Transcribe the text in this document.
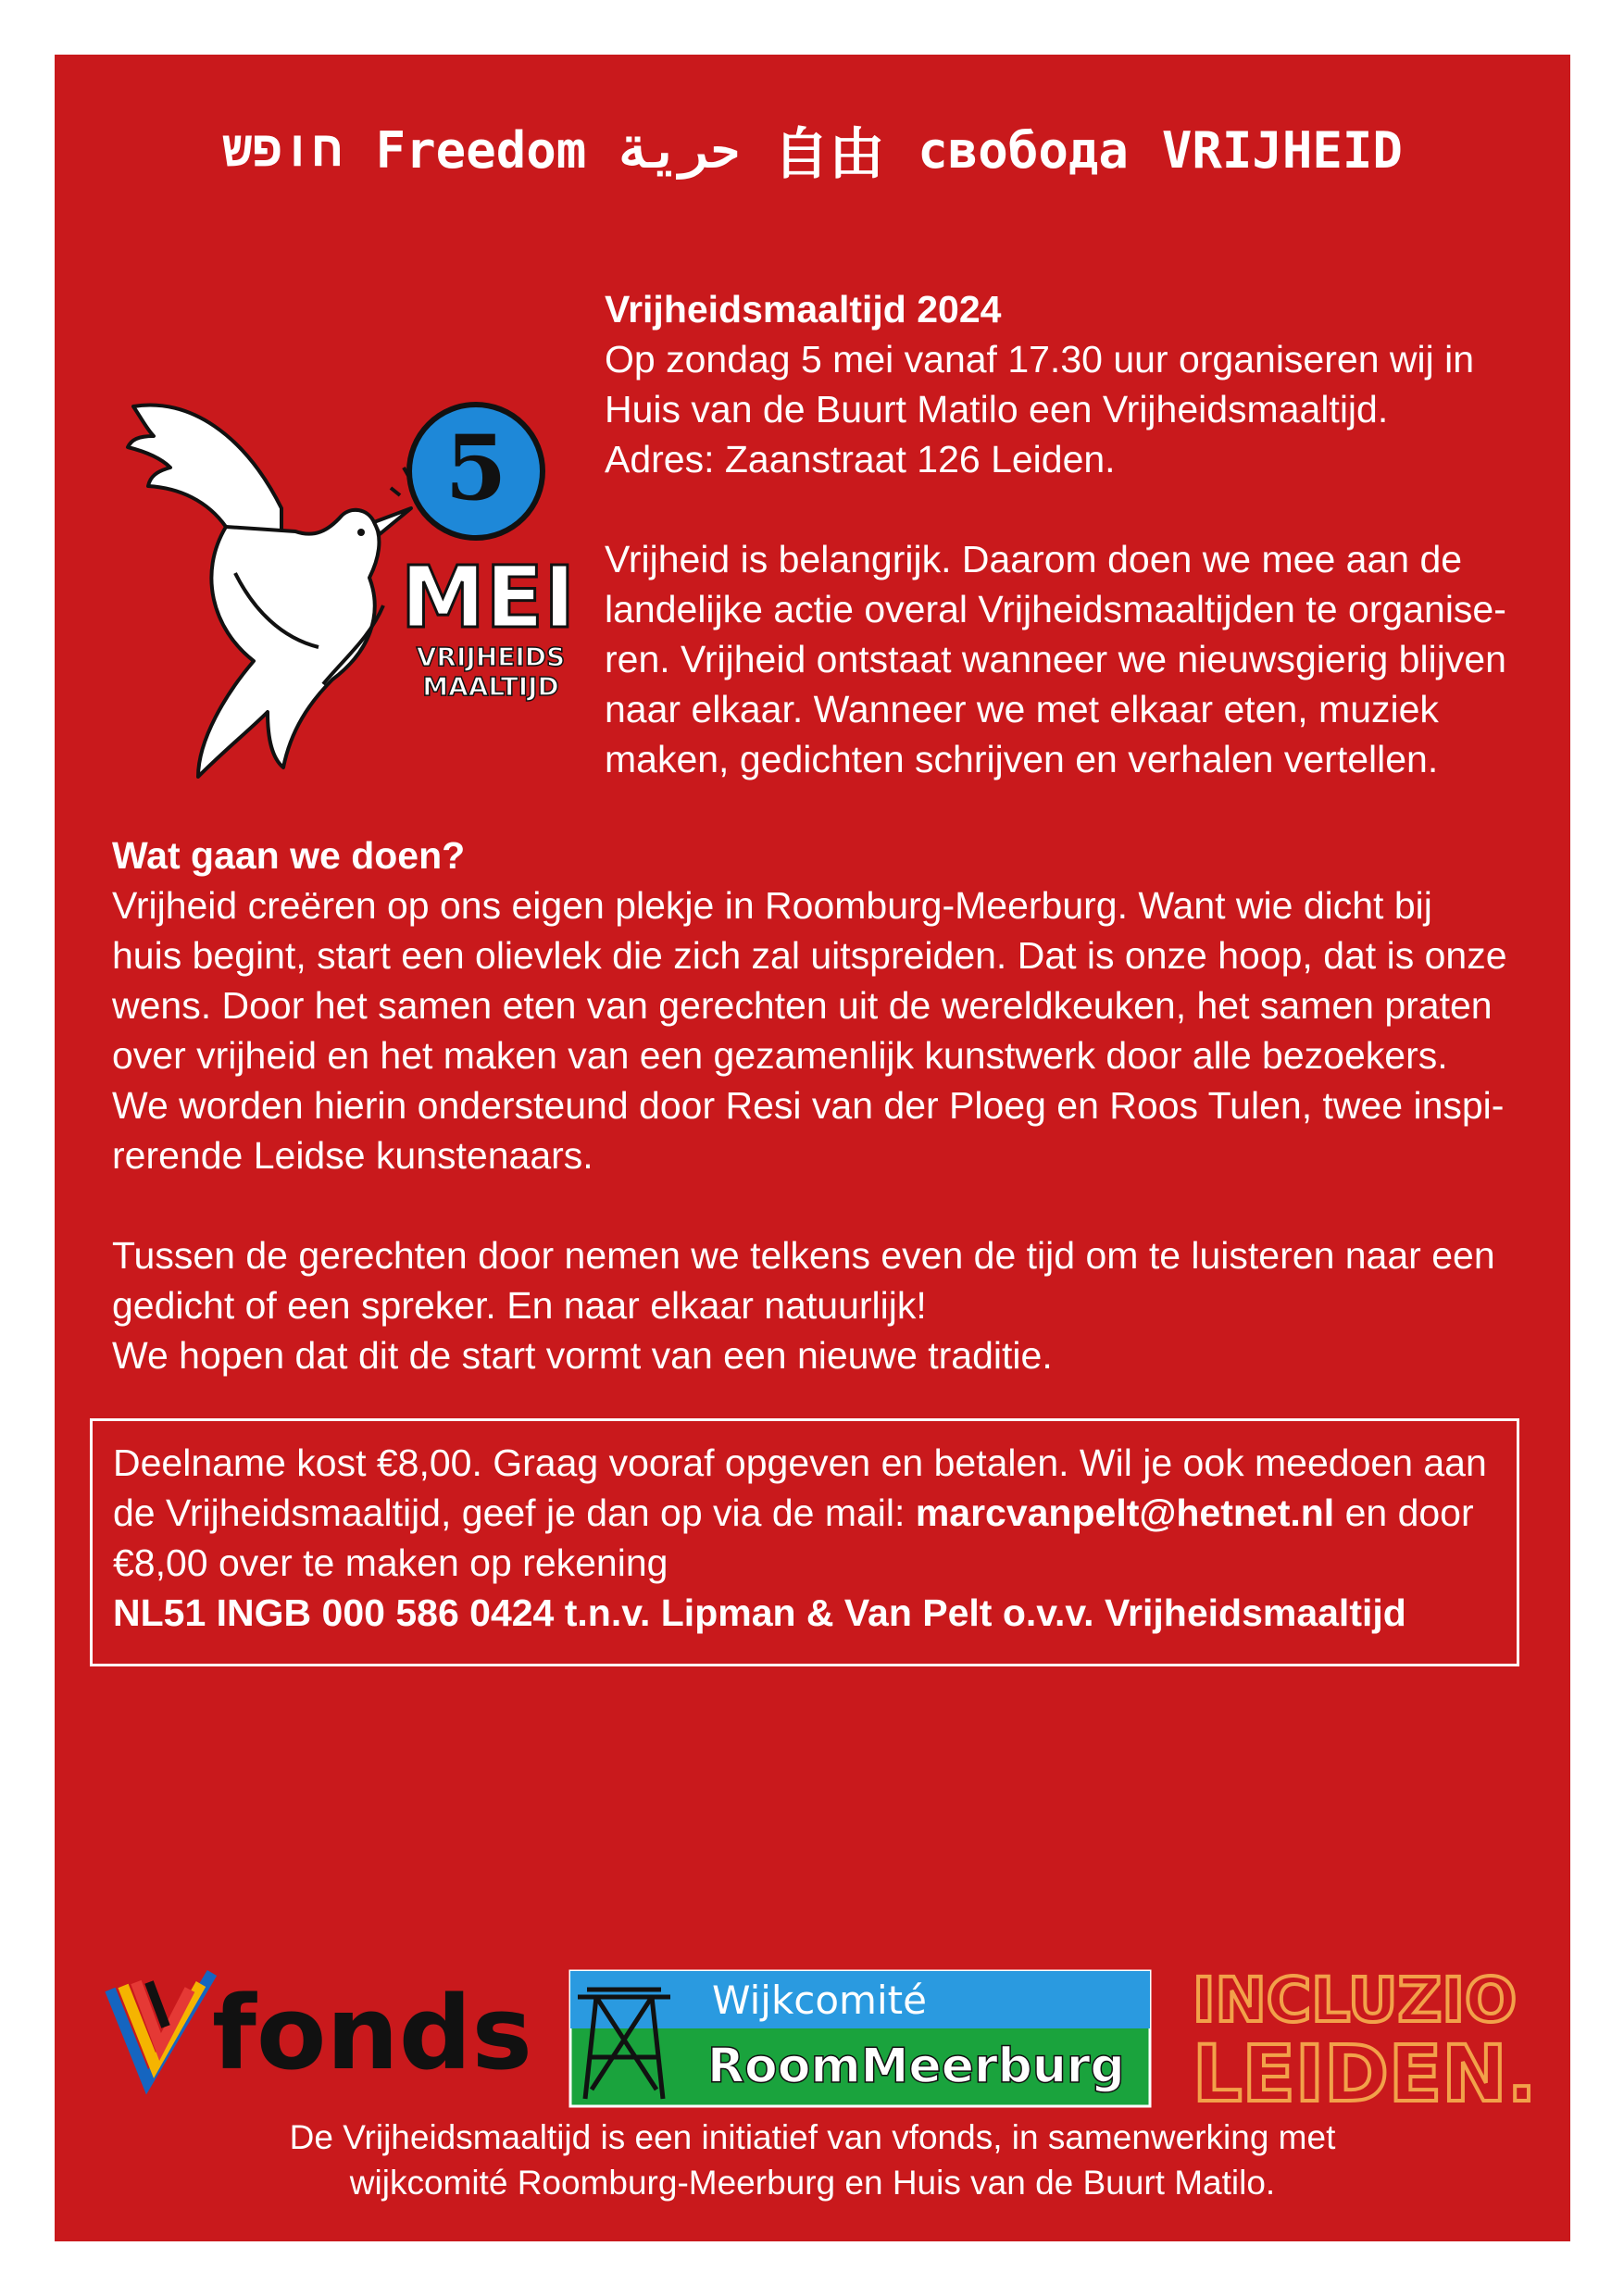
חופש Freedom حرية 自由 свобода VRIJHEID
5
MEI
VRIJHEIDS
MAALTIJD

Vrijheidsmaaltijd 2024

Op zondag 5 mei vanaf 17.30 uur organiseren wij in

Huis van de Buurt Matilo een Vrijheidsmaaltijd.

Adres: Zaanstraat 126 Leiden.

Vrijheid is belangrijk. Daarom doen we mee aan de

landelijke actie overal Vrijheidsmaaltijden te organise-

ren. Vrijheid ontstaat wanneer we nieuwsgierig blijven

naar elkaar. Wanneer we met elkaar eten, muziek

maken, gedichten schrijven en verhalen vertellen.

Wat gaan we doen?

Vrijheid creëren op ons eigen plekje in Roomburg-Meerburg. Want wie dicht bij

huis begint, start een olievlek die zich zal uitspreiden. Dat is onze hoop, dat is onze

wens. Door het samen eten van gerechten uit de wereldkeuken, het samen praten

over vrijheid en het maken van een gezamenlijk kunstwerk door alle bezoekers.

We worden hierin ondersteund door Resi van der Ploeg en Roos Tulen, twee inspi-

rerende Leidse kunstenaars.

Tussen de gerechten door nemen we telkens even de tijd om te luisteren naar een

gedicht of een spreker. En naar elkaar natuurlijk!

We hopen dat dit de start vormt van een nieuwe traditie.

Deelname kost €8,00. Graag vooraf opgeven en betalen. Wil je ook meedoen aan

de Vrijheidsmaaltijd, geef je dan op via de mail: marcvanpelt@hetnet.nl en door

€8,00 over te maken op rekening

NL51 INGB 000 586 0424 t.n.v. Lipman & Van Pelt o.v.v. Vrijheidsmaaltijd

fonds	Wijkcomité
RoomMeerburg
INCLUZIO
LEIDEN.

De Vrijheidsmaaltijd is een initiatief van vfonds, in samenwerking met

wijkcomité Roomburg-Meerburg en Huis van de Buurt Matilo.
